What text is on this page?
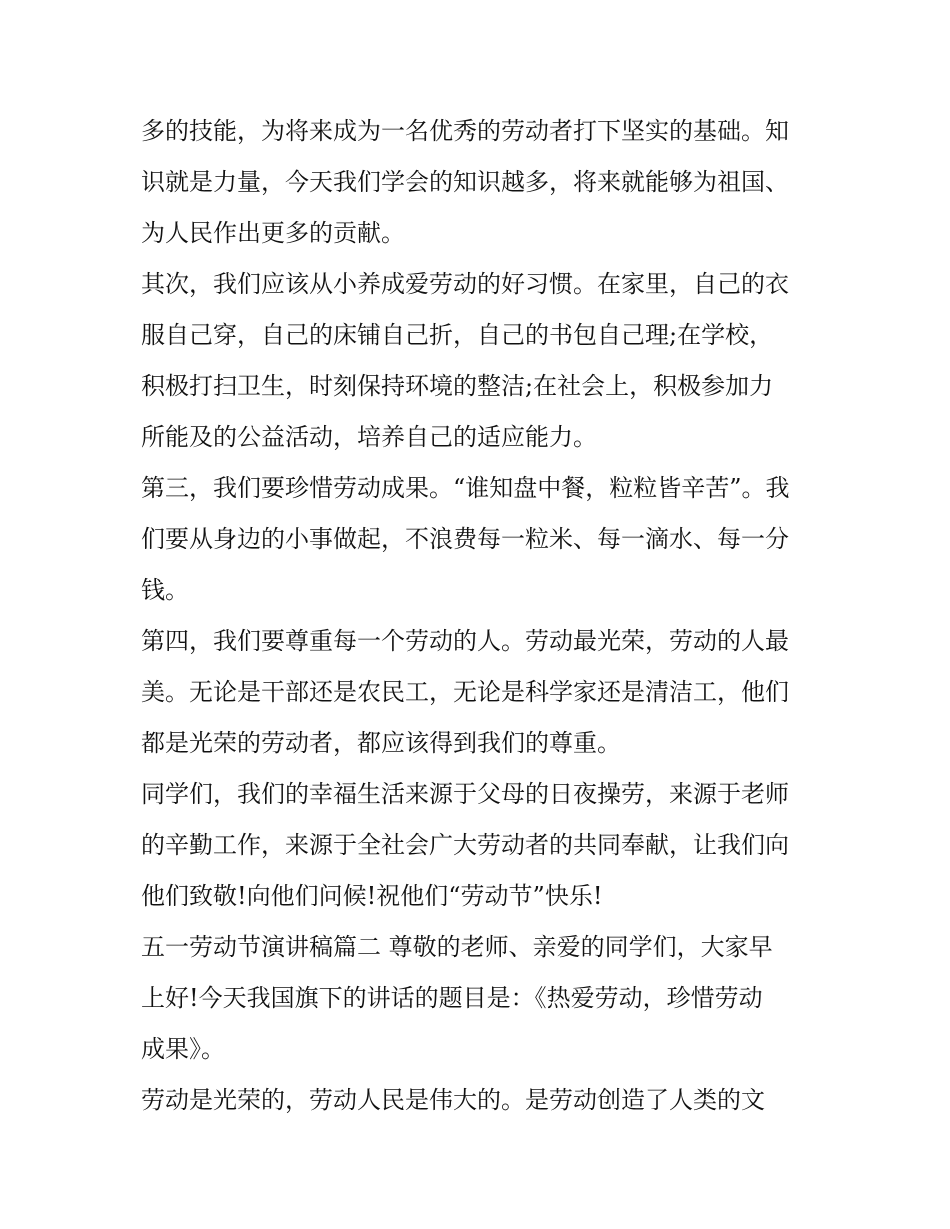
多的技能，为将来成为一名优秀的劳动者打下坚实的基础。知
识就是力量，今天我们学会的知识越多，将来就能够为祖国、
为人民作出更多的贡献。
其次，我们应该从小养成爱劳动的好习惯。在家里，自己的衣
服自己穿，自己的床铺自己折，自己的书包自己理;在学校，
积极打扫卫生，时刻保持环境的整洁;在社会上，积极参加力
所能及的公益活动，培养自己的适应能力。
第三，我们要珍惜劳动成果。“谁知盘中餐，粒粒皆辛苦”。我
们要从身边的小事做起，不浪费每一粒米、每一滴水、每一分
钱。
第四，我们要尊重每一个劳动的人。劳动最光荣，劳动的人最
美。无论是干部还是农民工，无论是科学家还是清洁工，他们
都是光荣的劳动者，都应该得到我们的尊重。
同学们，我们的幸福生活来源于父母的日夜操劳，来源于老师
的辛勤工作，来源于全社会广大劳动者的共同奉献，让我们向
他们致敬!向他们问候!祝他们“劳动节”快乐!
五一劳动节演讲稿篇二 尊敬的老师、亲爱的同学们，大家早
上好!今天我国旗下的讲话的题目是：《热爱劳动，珍惜劳动
成果》。
劳动是光荣的，劳动人民是伟大的。是劳动创造了人类的文
